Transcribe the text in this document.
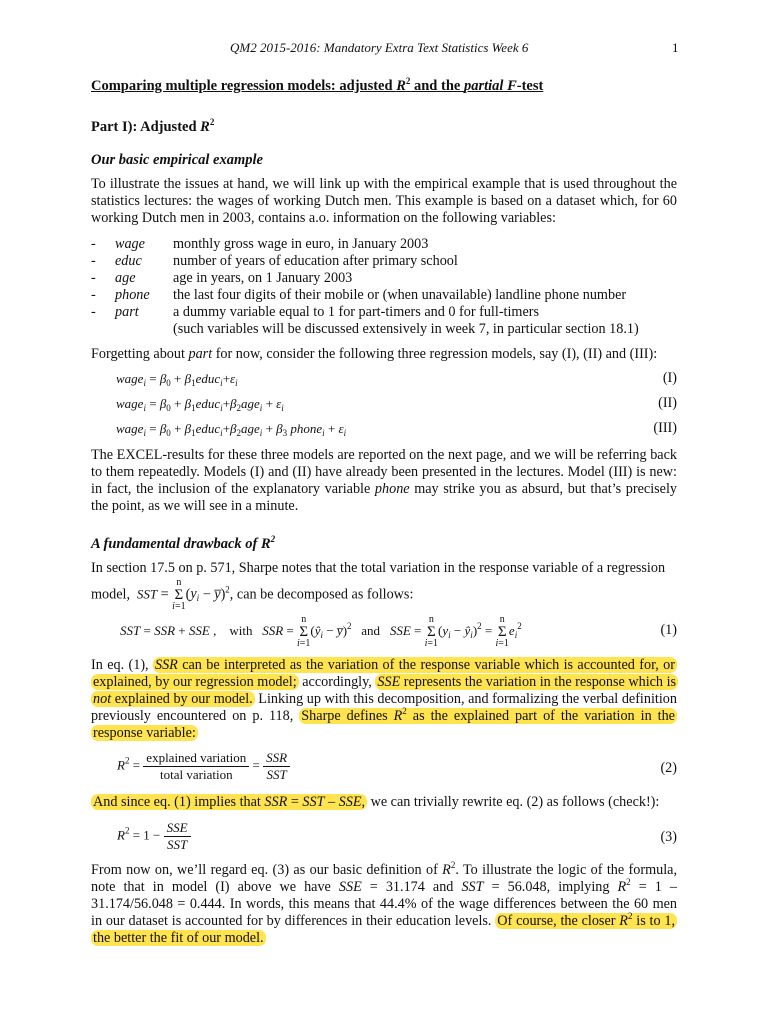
QM2 2015-2016: Mandatory Extra Text Statistics Week 6	1
Comparing multiple regression models: adjusted $R^2$ and the partial F-test
Part I): Adjusted $R^2$
Our basic empirical example
To illustrate the issues at hand, we will link up with the empirical example that is used throughout the statistics lectures: the wages of working Dutch men. This example is based on a dataset which, for 60 working Dutch men in 2003, contains a.o. information on the following variables:
- wage monthly gross wage in euro, in January 2003
- educ number of years of education after primary school
- age	age in years, on 1 January 2003
- phone the last four digits of their mobile or (when unavailable) landline phone number
- part a dummy variable equal to 1 for part-timers and 0 for full-timers
(such variables will be discussed extensively in week 7, in particular section 18.1)
Forgetting about part for now, consider the following three regression models, say (I), (II) and (III):
wage$_i$ = $\beta_0$ + $\beta_1educ_i+\varepsilon_i$	(I)
wage$_i$ = $\beta_0$ + $\beta_1educ_i+\beta_2age_i + \varepsilon_i$	(II)
wage$_i$ = $\beta_0$ + $\beta_1educ_i+\beta_2age_i + \beta_3$ phone$_i$ + $\varepsilon_i$	(III)
The EXCEL-results for these three models are reported on the next page, and we will be referring back to them repeatedly. Models (I) and (II) have already been presented in the lectures. Model (III) is new: in fact, the inclusion of the explanatory variable phone may strike you as absurd, but that’s precisely the point, as we will see in a minute.
A fundamental drawback of $R^2$
In section 17.5 on p. 571, Sharpe notes that the total variation in the response variable of a regression
model,  SST = n
Σ
$i=1(y_i$ − y̅)$^2$, can be decomposed as follows:
SST = SSR + SSE ,    with SSR = n
Σ
$i=1(ŷ_i$ − y̅)$^2$ and SSE = n
Σ
$i=1(y_i$ − $ŷ_i)^2 = n$
Σ
$i=1e_i^2$	(1)
In eq. (1), SSR can be interpreted as the variation of the response variable which is accounted for, or explained, by our regression model; accordingly, SSE represents the variation in the response which is not explained by our model. Linking up with this decomposition, and formalizing the verbal definition previously encountered on p. 118, Sharpe defines $R^2$ as the explained part of the variation in the response variable:
$R^2 = \frac{\text{explained variation}}{\text{total variation}} = \frac{\text{SSR}}{\text{SST}}$	(2)
And since eq. (1) implies that SSR = SST – SSE, we can trivially rewrite eq. (2) as follows (check!):
$R^2 = 1 - \frac{\text{SSE}}{\text{SST}}$	(3)
From now on, we’ll regard eq. (3) as our basic definition of $R^2$. To illustrate the logic of the formula, note that in model (I) above we have SSE = 31.174 and SST = 56.048, implying $R^2 = 1 - 31.174/56.048 = 0.444$. In words, this means that 44.4% of the wage differences between the 60 men in our dataset is accounted for by differences in their education levels. Of course, the closer $R^2$ is to 1, the better the fit of our model.
